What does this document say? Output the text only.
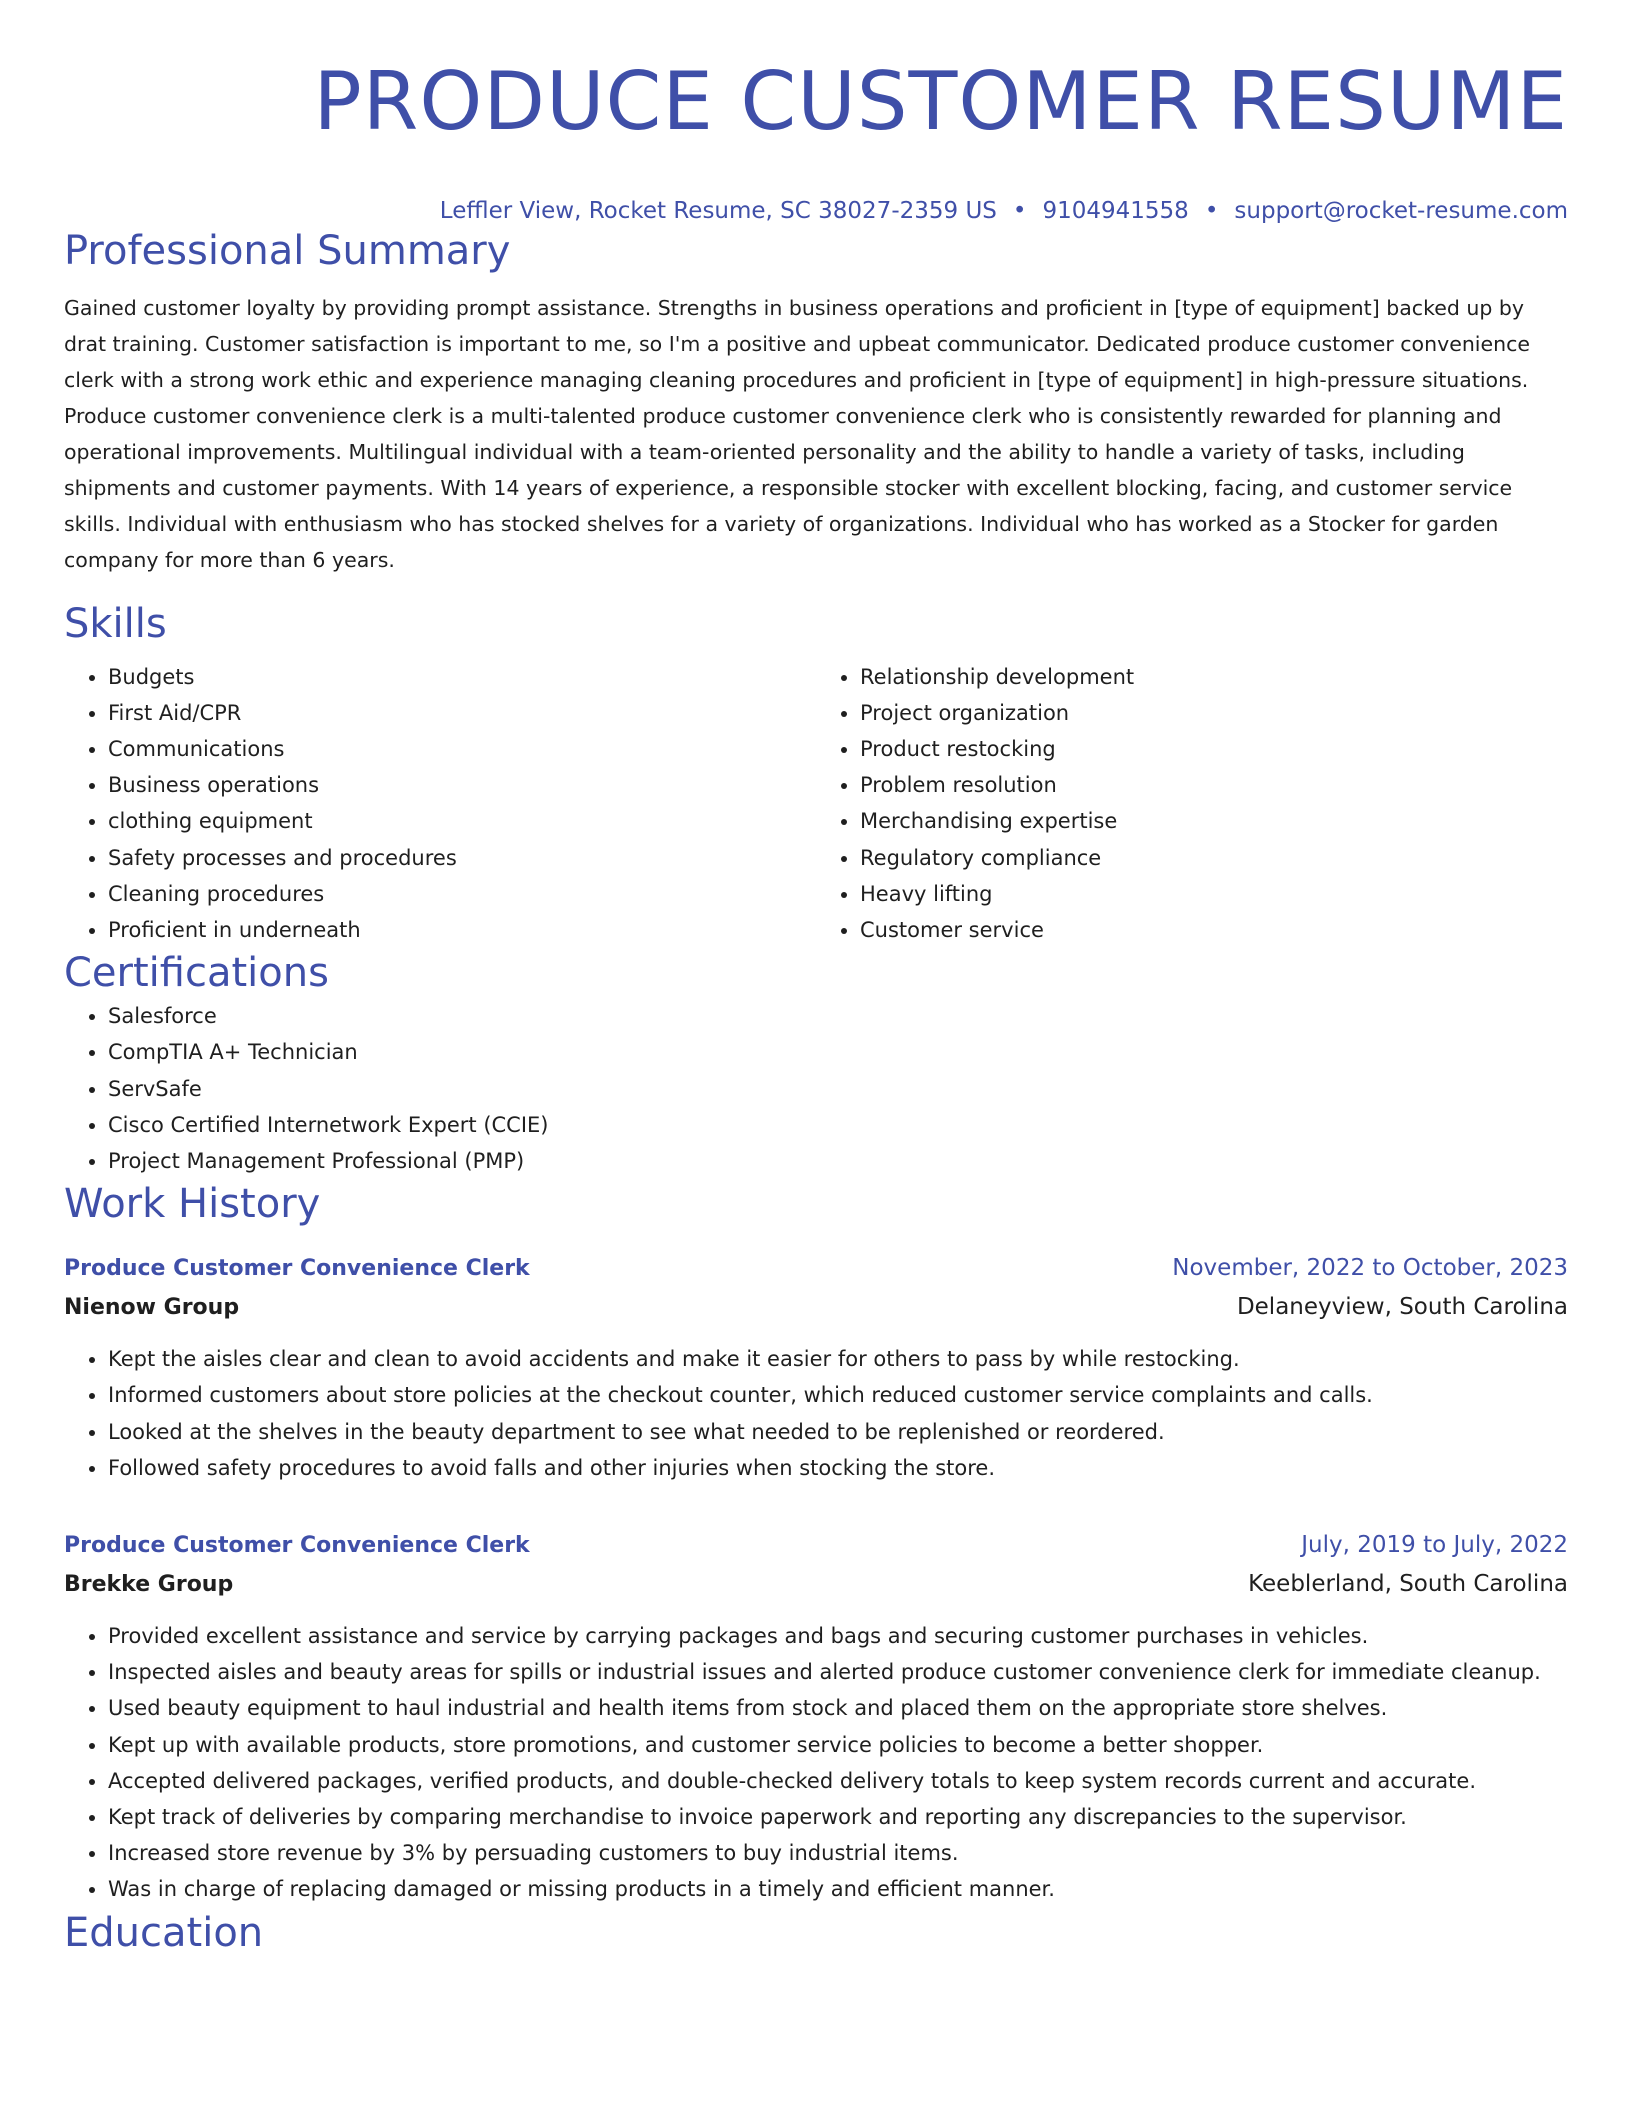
PRODUCE CUSTOMER RESUME
Leffler View, Rocket Resume, SC 38027-2359 US • 9104941558 • support@rocket-resume.com
Professional Summary

Gained customer loyalty by providing prompt assistance. Strengths in business operations and proficient in [type of equipment] backed up by drat training. Customer satisfaction is important to me, so I'm a positive and upbeat communicator. Dedicated produce customer convenience clerk with a strong work ethic and experience managing cleaning procedures and proficient in [type of equipment] in high-pressure situations. Produce customer convenience clerk is a multi-talented produce customer convenience clerk who is consistently rewarded for planning and operational improvements. Multilingual individual with a team-oriented personality and the ability to handle a variety of tasks, including shipments and customer payments. With 14 years of experience, a responsible stocker with excellent blocking, facing, and customer service skills. Individual with enthusiasm who has stocked shelves for a variety of organizations. Individual who has worked as a Stocker for garden company for more than 6 years.

Skills
• Budgets
• First Aid/CPR
• Communications
• Business operations
• clothing equipment
• Safety processes and procedures
• Cleaning procedures
• Proficient in underneath
• Relationship development
• Project organization
• Product restocking
• Problem resolution
• Merchandising expertise
• Regulatory compliance
• Heavy lifting
• Customer service
Certifications
• Salesforce
• CompTIA A+ Technician
• ServSafe
• Cisco Certified Internetwork Expert (CCIE)
• Project Management Professional (PMP)
Work History
Produce Customer Convenience Clerk	November, 2022 to October, 2023
Nienow Group	Delaneyview, South Carolina
• Kept the aisles clear and clean to avoid accidents and make it easier for others to pass by while restocking.
• Informed customers about store policies at the checkout counter, which reduced customer service complaints and calls.
• Looked at the shelves in the beauty department to see what needed to be replenished or reordered.
• Followed safety procedures to avoid falls and other injuries when stocking the store.
Produce Customer Convenience Clerk	July, 2019 to July, 2022
Brekke Group	Keeblerland, South Carolina
• Provided excellent assistance and service by carrying packages and bags and securing customer purchases in vehicles.
• Inspected aisles and beauty areas for spills or industrial issues and alerted produce customer convenience clerk for immediate cleanup.
• Used beauty equipment to haul industrial and health items from stock and placed them on the appropriate store shelves.
• Kept up with available products, store promotions, and customer service policies to become a better shopper.
• Accepted delivered packages, verified products, and double-checked delivery totals to keep system records current and accurate.
• Kept track of deliveries by comparing merchandise to invoice paperwork and reporting any discrepancies to the supervisor.
• Increased store revenue by 3% by persuading customers to buy industrial items.
• Was in charge of replacing damaged or missing products in a timely and efficient manner.
Education
